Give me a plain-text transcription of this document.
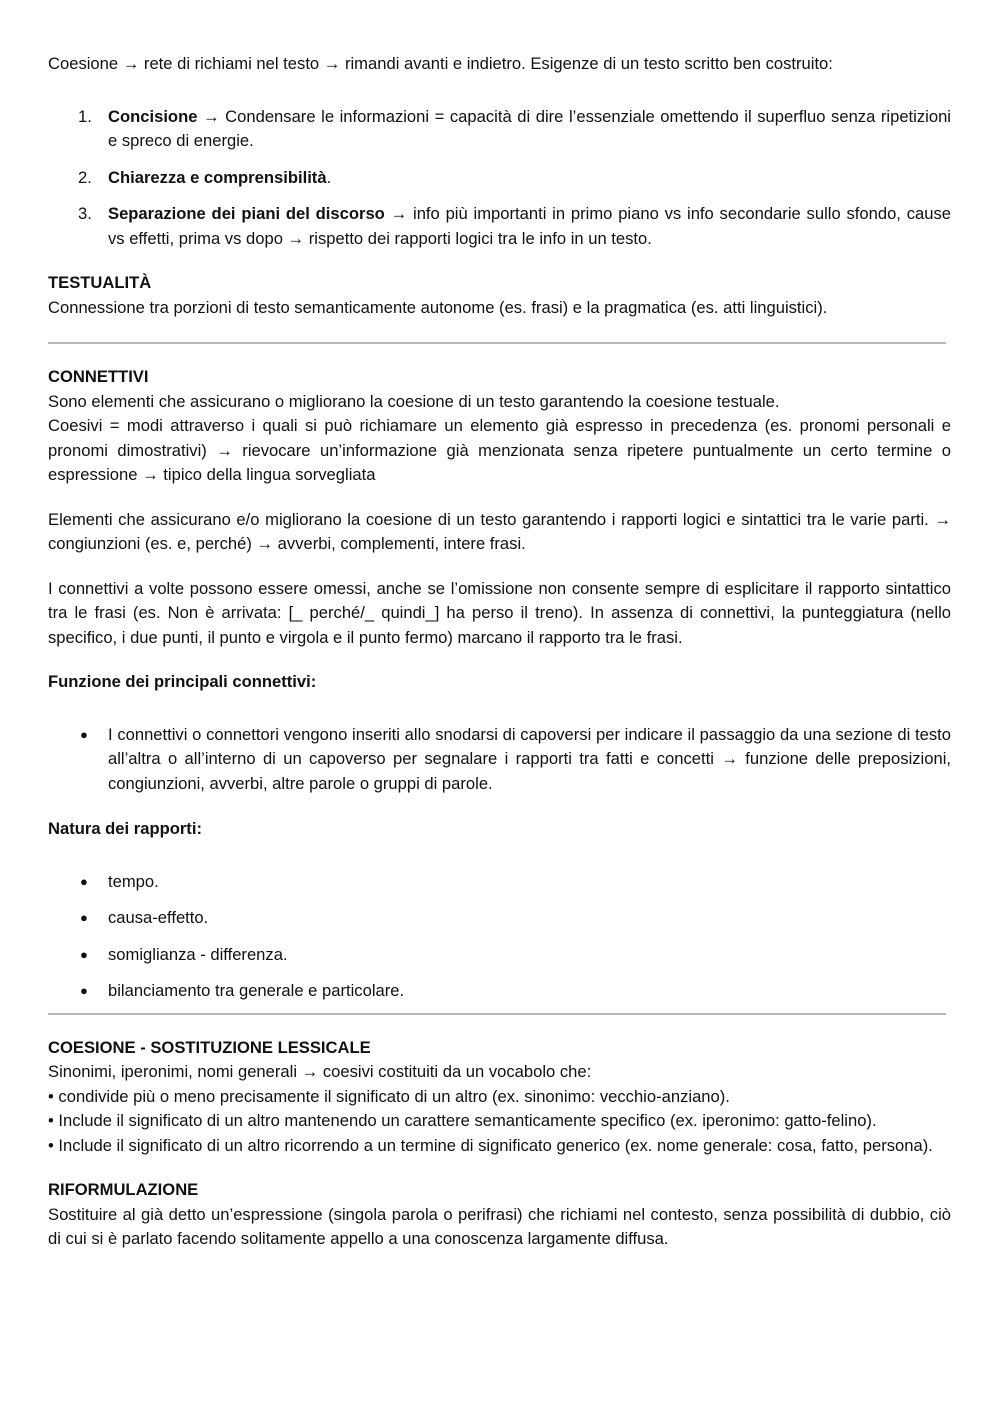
Coesione → rete di richiami nel testo → rimandi avanti e indietro. Esigenze di un testo scritto ben costruito:

1. Concisione → Condensare le informazioni = capacità di dire l’essenziale omettendo il superfluo senza ripetizioni e spreco di energie.
2. Chiarezza e comprensibilità.
3. Separazione dei piani del discorso → info più importanti in primo piano vs info secondarie sullo sfondo, cause vs effetti, prima vs dopo → rispetto dei rapporti logici tra le info in un testo.

TESTUALITÀ

Connessione tra porzioni di testo semanticamente autonome (es. frasi) e la pragmatica (es. atti linguistici).

CONNETTIVI

Sono elementi che assicurano o migliorano la coesione di un testo garantendo la coesione testuale.

Coesivi = modi attraverso i quali si può richiamare un elemento già espresso in precedenza (es. pronomi personali e pronomi dimostrativi) → rievocare un’informazione già menzionata senza ripetere puntualmente un certo termine o espressione → tipico della lingua sorvegliata

Elementi che assicurano e/o migliorano la coesione di un testo garantendo i rapporti logici e sintattici tra le varie parti. → congiunzioni (es. e, perché) → avverbi, complementi, intere frasi.

I connettivi a volte possono essere omessi, anche se l’omissione non consente sempre di esplicitare il rapporto sintattico tra le frasi (es. Non è arrivata: [_ perché/_ quindi_] ha perso il treno). In assenza di connettivi, la punteggiatura (nello specifico, i due punti, il punto e virgola e il punto fermo) marcano il rapporto tra le frasi.

Funzione dei principali connettivi:

● I connettivi o connettori vengono inseriti allo snodarsi di capoversi per indicare il passaggio da una sezione di testo all’altra o all’interno di un capoverso per segnalare i rapporti tra fatti e concetti → funzione delle preposizioni, congiunzioni, avverbi, altre parole o gruppi di parole.

Natura dei rapporti:

● tempo.
● causa-effetto.
● somiglianza - differenza.
● bilanciamento tra generale e particolare.

COESIONE - SOSTITUZIONE LESSICALE

Sinonimi, iperonimi, nomi generali → coesivi costituiti da un vocabolo che:

• condivide più o meno precisamente il significato di un altro (ex. sinonimo: vecchio-anziano).

• Include il significato di un altro mantenendo un carattere semanticamente specifico (ex. iperonimo: gatto-felino).

• Include il significato di un altro ricorrendo a un termine di significato generico (ex. nome generale: cosa, fatto, persona).

RIFORMULAZIONE

Sostituire al già detto un’espressione (singola parola o perifrasi) che richiami nel contesto, senza possibilità di dubbio, ciò di cui si è parlato facendo solitamente appello a una conoscenza largamente diffusa.
